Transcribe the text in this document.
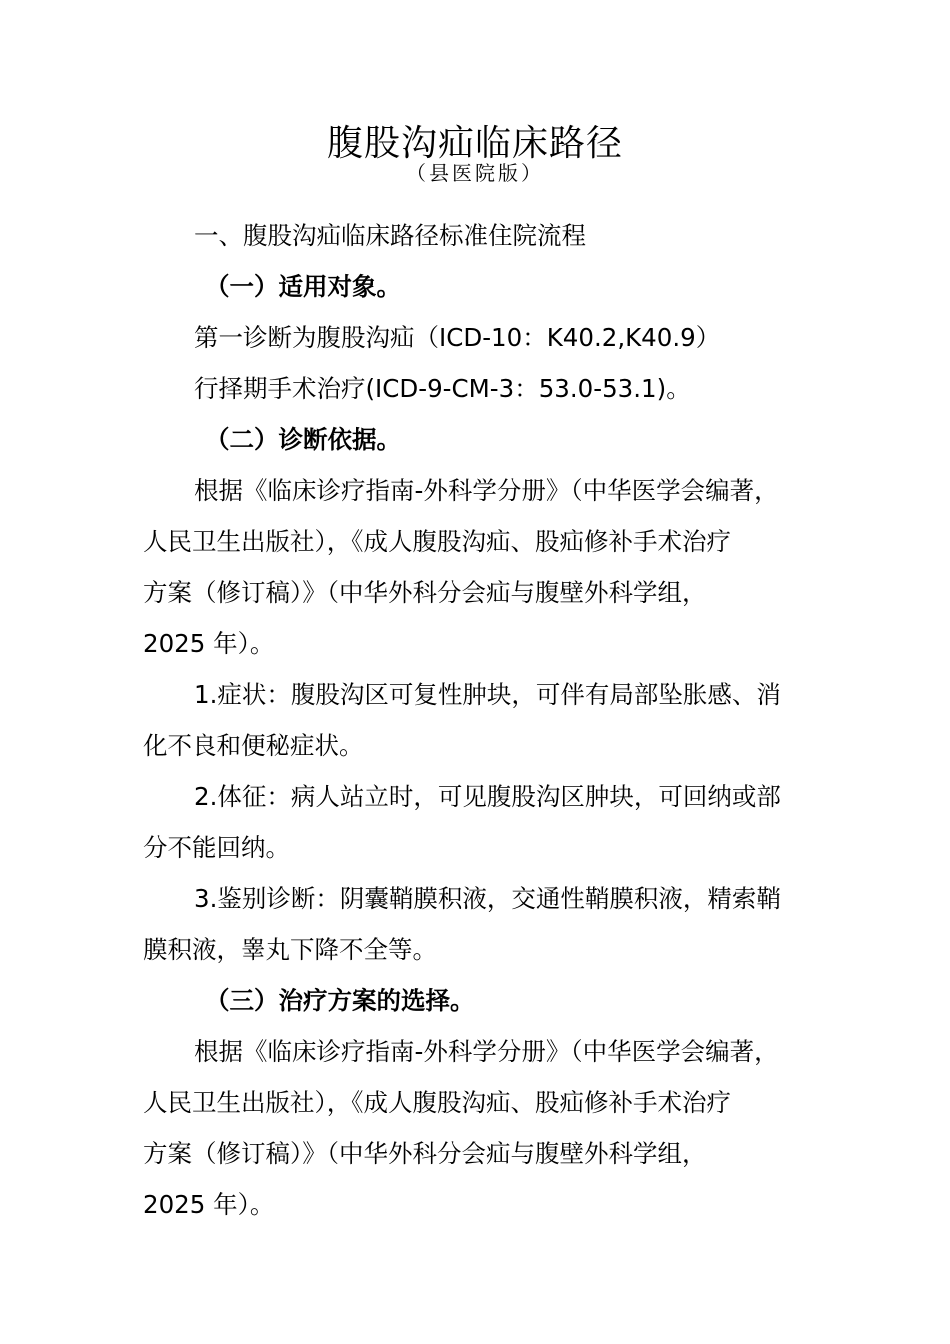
腹股沟疝临床路径
（县医院版）

一、腹股沟疝临床路径标准住院流程

（一）适用对象。

第一诊断为腹股沟疝（ICD-10：K40.2,K40.9）

行择期手术治疗(ICD-9-CM-3：53.0-53.1)。

（二）诊断依据。

根据《临床诊疗指南-外科学分册》（中华医学会编著，
人民卫生出版社），《成人腹股沟疝、股疝修补手术治疗
方案（修订稿）》（中华外科分会疝与腹壁外科学组，
2025 年）。

1.症状：腹股沟区可复性肿块，可伴有局部坠胀感、消
化不良和便秘症状。

2.体征：病人站立时，可见腹股沟区肿块，可回纳或部
分不能回纳。

3.鉴别诊断：阴囊鞘膜积液，交通性鞘膜积液，精索鞘
膜积液，睾丸下降不全等。

（三）治疗方案的选择。

根据《临床诊疗指南-外科学分册》（中华医学会编著，
人民卫生出版社），《成人腹股沟疝、股疝修补手术治疗
方案（修订稿）》（中华外科分会疝与腹壁外科学组，
2025 年）。
